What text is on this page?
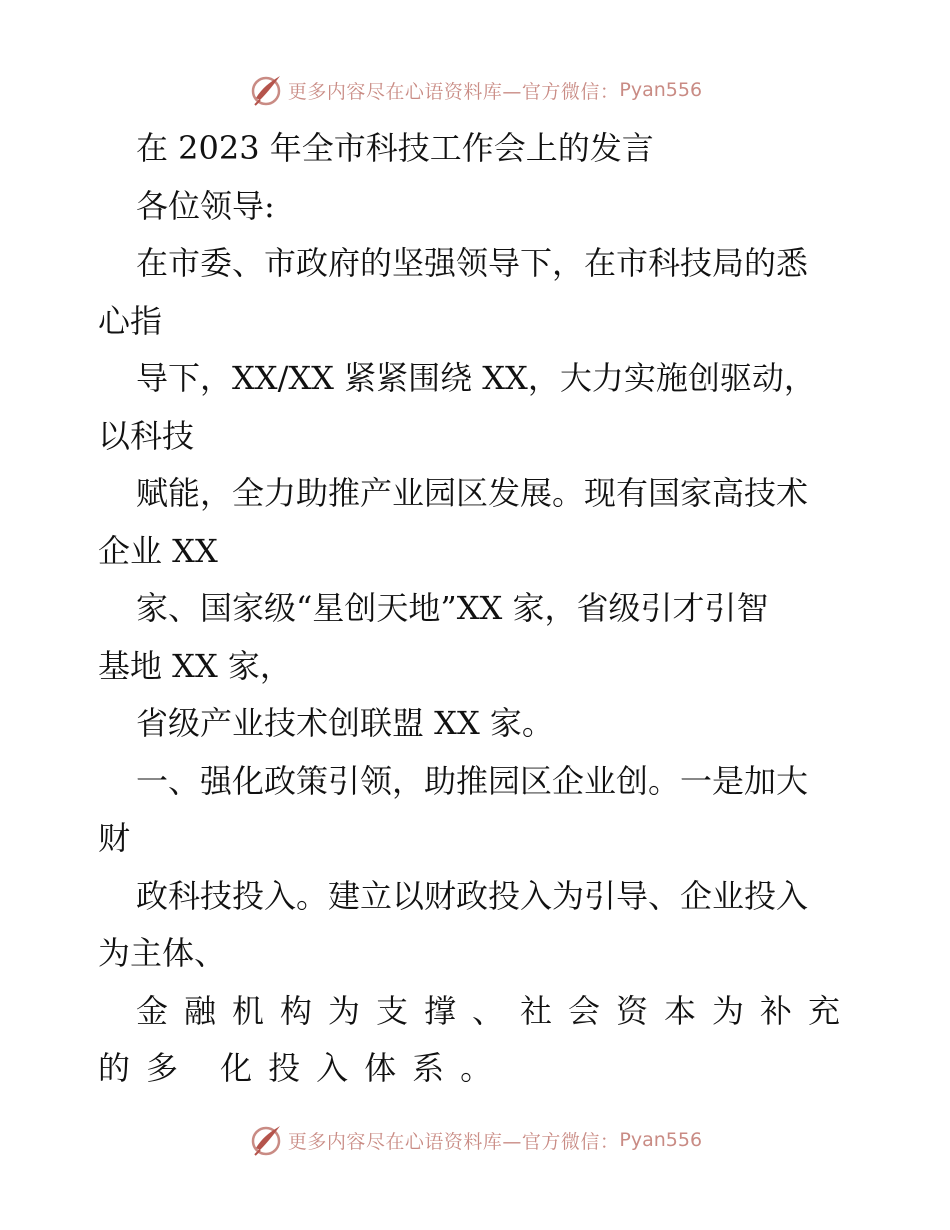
更多内容尽在心语资料库—官方微信： Pyan556
在 2023 年全市科技工作会上的发言
各位领导:
在市委、市政府的坚强领导下，在市科技局的悉
心指
导下，XX/XX 紧紧围绕 XX，大力实施创驱动，
以科技
赋能，全力助推产业园区发展。现有国家高技术
企业 XX
家、国家级“星创天地”XX 家，省级引才引智
基地 XX 家，
省级产业技术创联盟 XX 家。
一、强化政策引领，助推园区企业创。一是加大
财
政科技投入。建立以财政投入为引导、企业投入
为主体、
金融机构为支撑、社会资本为补充
的多 化投入体系。
更多内容尽在心语资料库—官方微信： Pyan556
